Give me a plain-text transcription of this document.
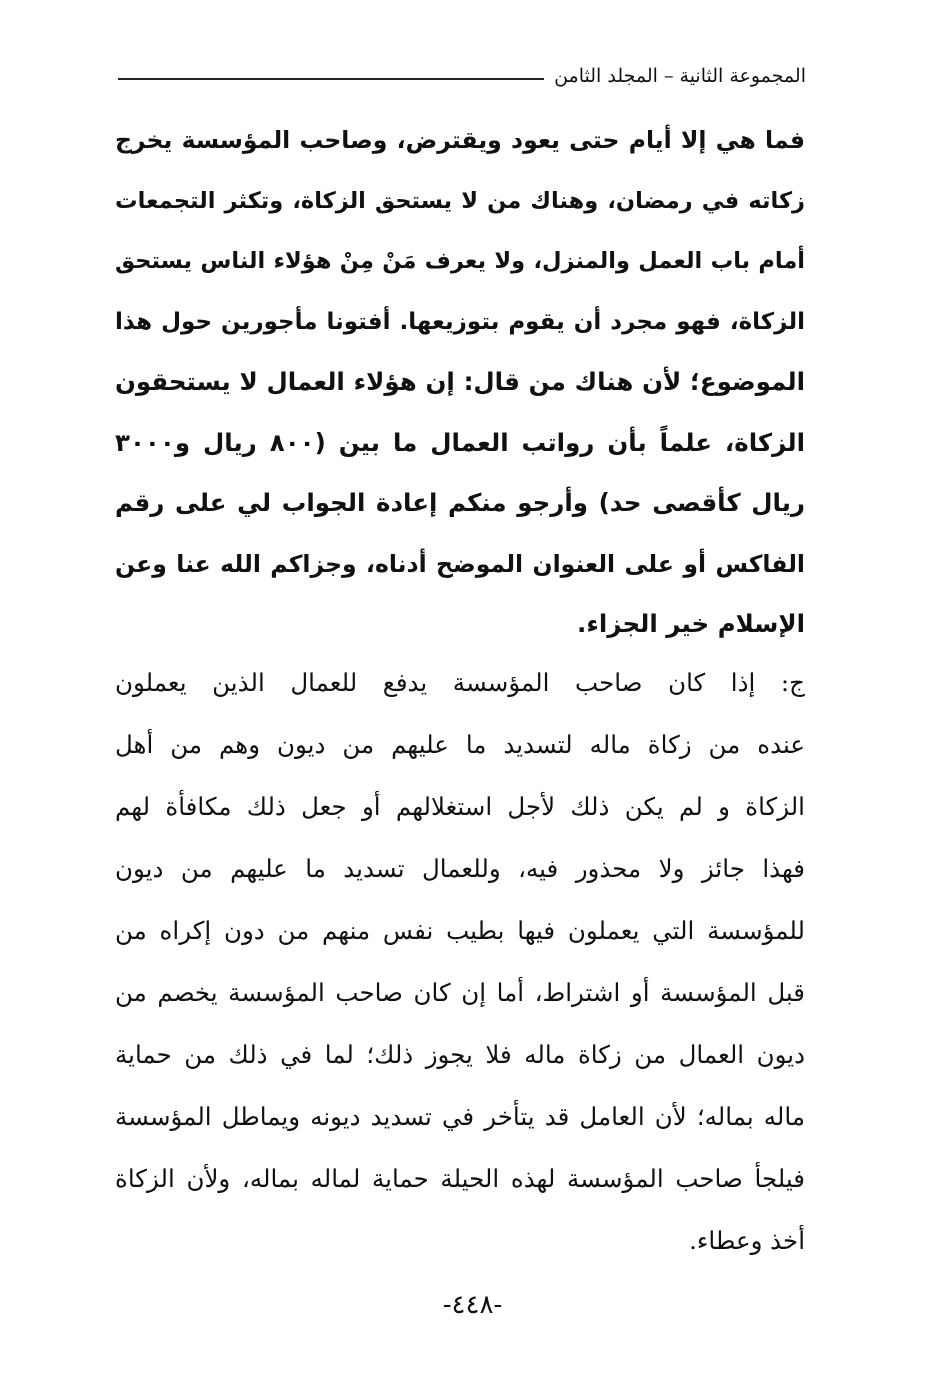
المجموعة الثانية – المجلد الثامن
فما هي إلا أيام حتى يعود ويقترض، وصاحب المؤسسة يخرج
زكاته في رمضان، وهناك من لا يستحق الزكاة، وتكثر التجمعات
أمام باب العمل والمنزل، ولا يعرف مَنْ مِنْ هؤلاء الناس يستحق
الزكاة، فهو مجرد أن يقوم بتوزيعها. أفتونا مأجورين حول هذا
الموضوع؛ لأن هناك من قال: إن هؤلاء العمال لا يستحقون
الزكاة، علماً بأن رواتب العمال ما بين (٨٠٠ ريال و٣٠٠٠
ريال كأقصى حد) وأرجو منكم إعادة الجواب لي على رقم
الفاكس أو على العنوان الموضح أدناه، وجزاكم الله عنا وعن
الإسلام خير الجزاء.
ج: إذا كان صاحب المؤسسة يدفع للعمال الذين يعملون
عنده من زكاة ماله لتسديد ما عليهم من ديون وهم من أهل
الزكاة و لم يكن ذلك لأجل استغلالهم أو جعل ذلك مكافأة لهم
فهذا جائز ولا محذور فيه، وللعمال تسديد ما عليهم من ديون
للمؤسسة التي يعملون فيها بطيب نفس منهم من دون إكراه من
قبل المؤسسة أو اشتراط، أما إن كان صاحب المؤسسة يخصم من
ديون العمال من زكاة ماله فلا يجوز ذلك؛ لما في ذلك من حماية
ماله بماله؛ لأن العامل قد يتأخر في تسديد ديونه ويماطل المؤسسة
فيلجأ صاحب المؤسسة لهذه الحيلة حماية لماله بماله، ولأن الزكاة
أخذ وعطاء.
-٤٤٨-
